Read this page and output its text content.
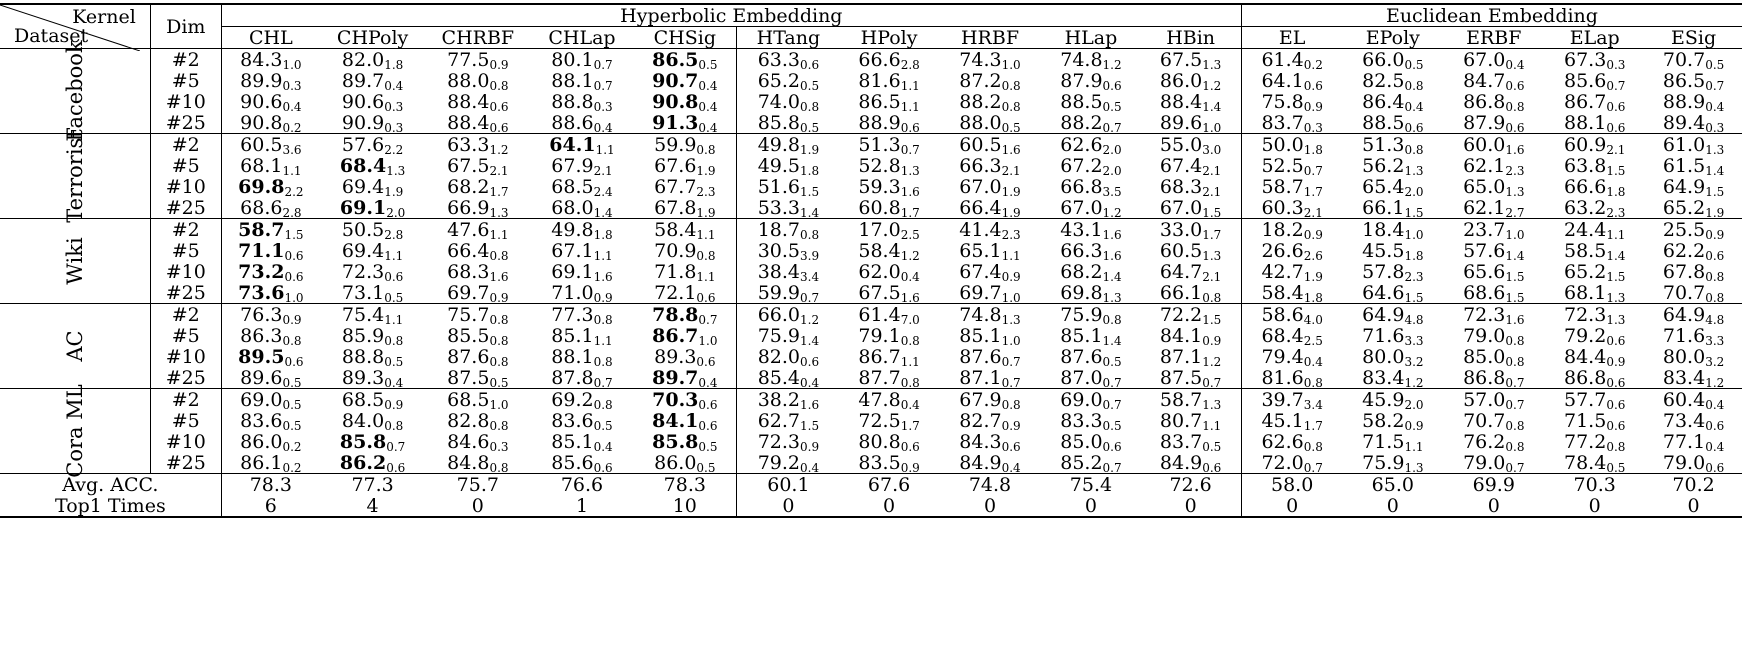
Kernel
Dataset	Dim	Hyperbolic Embedding										Euclidean Embedding				
		CHL	CHPoly	CHRBF	CHLap	CHSig	HTang	HPoly	HRBF	HLap	HBin	EL	EPoly	ERBF	ELap	ESig

Facebook	#2	$84.3_{1.0}$	$82.0_{1.8}$	$77.5_{0.9}$	$80.1_{0.7}$	$86.5_{0.5}$	$63.3_{0.6}$	$66.6_{2.8}$	$74.3_{1.0}$	$74.8_{1.2}$	$67.5_{1.3}$	$61.4_{0.2}$	$66.0_{0.5}$	$67.0_{0.4}$	$67.3_{0.3}$	$70.7_{0.5}$
	#5	$89.9_{0.3}$	$89.7_{0.4}$	$88.0_{0.8}$	$88.1_{0.7}$	$90.7_{0.4}$	$65.2_{0.5}$	$81.6_{1.1}$	$87.2_{0.8}$	$87.9_{0.6}$	$86.0_{1.2}$	$64.1_{0.6}$	$82.5_{0.8}$	$84.7_{0.6}$	$85.6_{0.7}$	$86.5_{0.7}$
	#10	$90.6_{0.4}$	$90.6_{0.3}$	$88.4_{0.6}$	$88.8_{0.3}$	$90.8_{0.4}$	$74.0_{0.8}$	$86.5_{1.1}$	$88.2_{0.8}$	$88.5_{0.5}$	$88.4_{1.4}$	$75.8_{0.9}$	$86.4_{0.4}$	$86.8_{0.8}$	$86.7_{0.6}$	$88.9_{0.4}$
	#25	$90.8_{0.2}$	$90.9_{0.3}$	$88.4_{0.6}$	$88.6_{0.4}$	$91.3_{0.4}$	$85.8_{0.5}$	$88.9_{0.6}$	$88.0_{0.5}$	$88.2_{0.7}$	$89.6_{1.0}$	$83.7_{0.3}$	$88.5_{0.6}$	$87.9_{0.6}$	$88.1_{0.6}$	$89.4_{0.3}$

Terrorist	#2	$60.5_{3.6}$	$57.6_{2.2}$	$63.3_{1.2}$	$64.1_{1.1}$	$59.9_{0.8}$	$49.8_{1.9}$	$51.3_{0.7}$	$60.5_{1.6}$	$62.6_{2.0}$	$55.0_{3.0}$	$50.0_{1.8}$	$51.3_{0.8}$	$60.0_{1.6}$	$60.9_{2.1}$	$61.0_{1.3}$
	#5	$68.1_{1.1}$	$68.4_{1.3}$	$67.5_{2.1}$	$67.9_{2.1}$	$67.6_{1.9}$	$49.5_{1.8}$	$52.8_{1.3}$	$66.3_{2.1}$	$67.2_{2.0}$	$67.4_{2.1}$	$52.5_{0.7}$	$56.2_{1.3}$	$62.1_{2.3}$	$63.8_{1.5}$	$61.5_{1.4}$
	#10	$69.8_{2.2}$	$69.4_{1.9}$	$68.2_{1.7}$	$68.5_{2.4}$	$67.7_{2.3}$	$51.6_{1.5}$	$59.3_{1.6}$	$67.0_{1.9}$	$66.8_{3.5}$	$68.3_{2.1}$	$58.7_{1.7}$	$65.4_{2.0}$	$65.0_{1.3}$	$66.6_{1.8}$	$64.9_{1.5}$
	#25	$68.6_{2.8}$	$69.1_{2.0}$	$66.9_{1.3}$	$68.0_{1.4}$	$67.8_{1.9}$	$53.3_{1.4}$	$60.8_{1.7}$	$66.4_{1.9}$	$67.0_{1.2}$	$67.0_{1.5}$	$60.3_{2.1}$	$66.1_{1.5}$	$62.1_{2.7}$	$63.2_{2.3}$	$65.2_{1.9}$

Wiki	#2	$58.7_{1.5}$	$50.5_{2.8}$	$47.6_{1.1}$	$49.8_{1.8}$	$58.4_{1.1}$	$18.7_{0.8}$	$17.0_{2.5}$	$41.4_{2.3}$	$43.1_{1.6}$	$33.0_{1.7}$	$18.2_{0.9}$	$18.4_{1.0}$	$23.7_{1.0}$	$24.4_{1.1}$	$25.5_{0.9}$
	#5	$71.1_{0.6}$	$69.4_{1.1}$	$66.4_{0.8}$	$67.1_{1.1}$	$70.9_{0.8}$	$30.5_{3.9}$	$58.4_{1.2}$	$65.1_{1.1}$	$66.3_{1.6}$	$60.5_{1.3}$	$26.6_{2.6}$	$45.5_{1.8}$	$57.6_{1.4}$	$58.5_{1.4}$	$62.2_{0.6}$
	#10	$73.2_{0.6}$	$72.3_{0.6}$	$68.3_{1.6}$	$69.1_{1.6}$	$71.8_{1.1}$	$38.4_{3.4}$	$62.0_{0.4}$	$67.4_{0.9}$	$68.2_{1.4}$	$64.7_{2.1}$	$42.7_{1.9}$	$57.8_{2.3}$	$65.6_{1.5}$	$65.2_{1.5}$	$67.8_{0.8}$
	#25	$73.6_{1.0}$	$73.1_{0.5}$	$69.7_{0.9}$	$71.0_{0.9}$	$72.1_{0.6}$	$59.9_{0.7}$	$67.5_{1.6}$	$69.7_{1.0}$	$69.8_{1.3}$	$66.1_{0.8}$	$58.4_{1.8}$	$64.6_{1.5}$	$68.6_{1.5}$	$68.1_{1.3}$	$70.7_{0.8}$

AC	#2	$76.3_{0.9}$	$75.4_{1.1}$	$75.7_{0.8}$	$77.3_{0.8}$	$78.8_{0.7}$	$66.0_{1.2}$	$61.4_{7.0}$	$74.8_{1.3}$	$75.9_{0.8}$	$72.2_{1.5}$	$58.6_{4.0}$	$64.9_{4.8}$	$72.3_{1.6}$	$72.3_{1.3}$	$64.9_{4.8}$
	#5	$86.3_{0.8}$	$85.9_{0.8}$	$85.5_{0.8}$	$85.1_{1.1}$	$86.7_{1.0}$	$75.9_{1.4}$	$79.1_{0.8}$	$85.1_{1.0}$	$85.1_{1.4}$	$84.1_{0.9}$	$68.4_{2.5}$	$71.6_{3.3}$	$79.0_{0.8}$	$79.2_{0.6}$	$71.6_{3.3}$
	#10	$89.5_{0.6}$	$88.8_{0.5}$	$87.6_{0.8}$	$88.1_{0.8}$	$89.3_{0.6}$	$82.0_{0.6}$	$86.7_{1.1}$	$87.6_{0.7}$	$87.6_{0.5}$	$87.1_{1.2}$	$79.4_{0.4}$	$80.0_{3.2}$	$85.0_{0.8}$	$84.4_{0.9}$	$80.0_{3.2}$
	#25	$89.6_{0.5}$	$89.3_{0.4}$	$87.5_{0.5}$	$87.8_{0.7}$	$89.7_{0.4}$	$85.4_{0.4}$	$87.7_{0.8}$	$87.1_{0.7}$	$87.0_{0.7}$	$87.5_{0.7}$	$81.6_{0.8}$	$83.4_{1.2}$	$86.8_{0.7}$	$86.8_{0.6}$	$83.4_{1.2}$

Cora ML	#2	$69.0_{0.5}$	$68.5_{0.9}$	$68.5_{1.0}$	$69.2_{0.8}$	$70.3_{0.6}$	$38.2_{1.6}$	$47.8_{0.4}$	$67.9_{0.8}$	$69.0_{0.7}$	$58.7_{1.3}$	$39.7_{3.4}$	$45.9_{2.0}$	$57.0_{0.7}$	$57.7_{0.6}$	$60.4_{0.4}$
	#5	$83.6_{0.5}$	$84.0_{0.8}$	$82.8_{0.8}$	$83.6_{0.5}$	$84.1_{0.6}$	$62.7_{1.5}$	$72.5_{1.7}$	$82.7_{0.9}$	$83.3_{0.5}$	$80.7_{1.1}$	$45.1_{1.7}$	$58.2_{0.9}$	$70.7_{0.8}$	$71.5_{0.6}$	$73.4_{0.6}$
	#10	$86.0_{0.2}$	$85.8_{0.7}$	$84.6_{0.3}$	$85.1_{0.4}$	$85.8_{0.5}$	$72.3_{0.9}$	$80.8_{0.6}$	$84.3_{0.6}$	$85.0_{0.6}$	$83.7_{0.5}$	$62.6_{0.8}$	$71.5_{1.1}$	$76.2_{0.8}$	$77.2_{0.8}$	$77.1_{0.4}$
	#25	$86.1_{0.2}$	$86.2_{0.6}$	$84.8_{0.8}$	$85.6_{0.6}$	$86.0_{0.5}$	$79.2_{0.4}$	$83.5_{0.9}$	$84.9_{0.4}$	$85.2_{0.7}$	$84.9_{0.6}$	$72.0_{0.7}$	$75.9_{1.3}$	$79.0_{0.7}$	$78.4_{0.5}$	$79.0_{0.6}$
Avg. ACC.		78.3	77.3	75.7	76.6	78.3	60.1	67.6	74.8	75.4	72.6	58.0	65.0	69.9	70.3	70.2
Top1 Times		6	4	0	1	10	0	0	0	0	0	0	0	0	0	0
